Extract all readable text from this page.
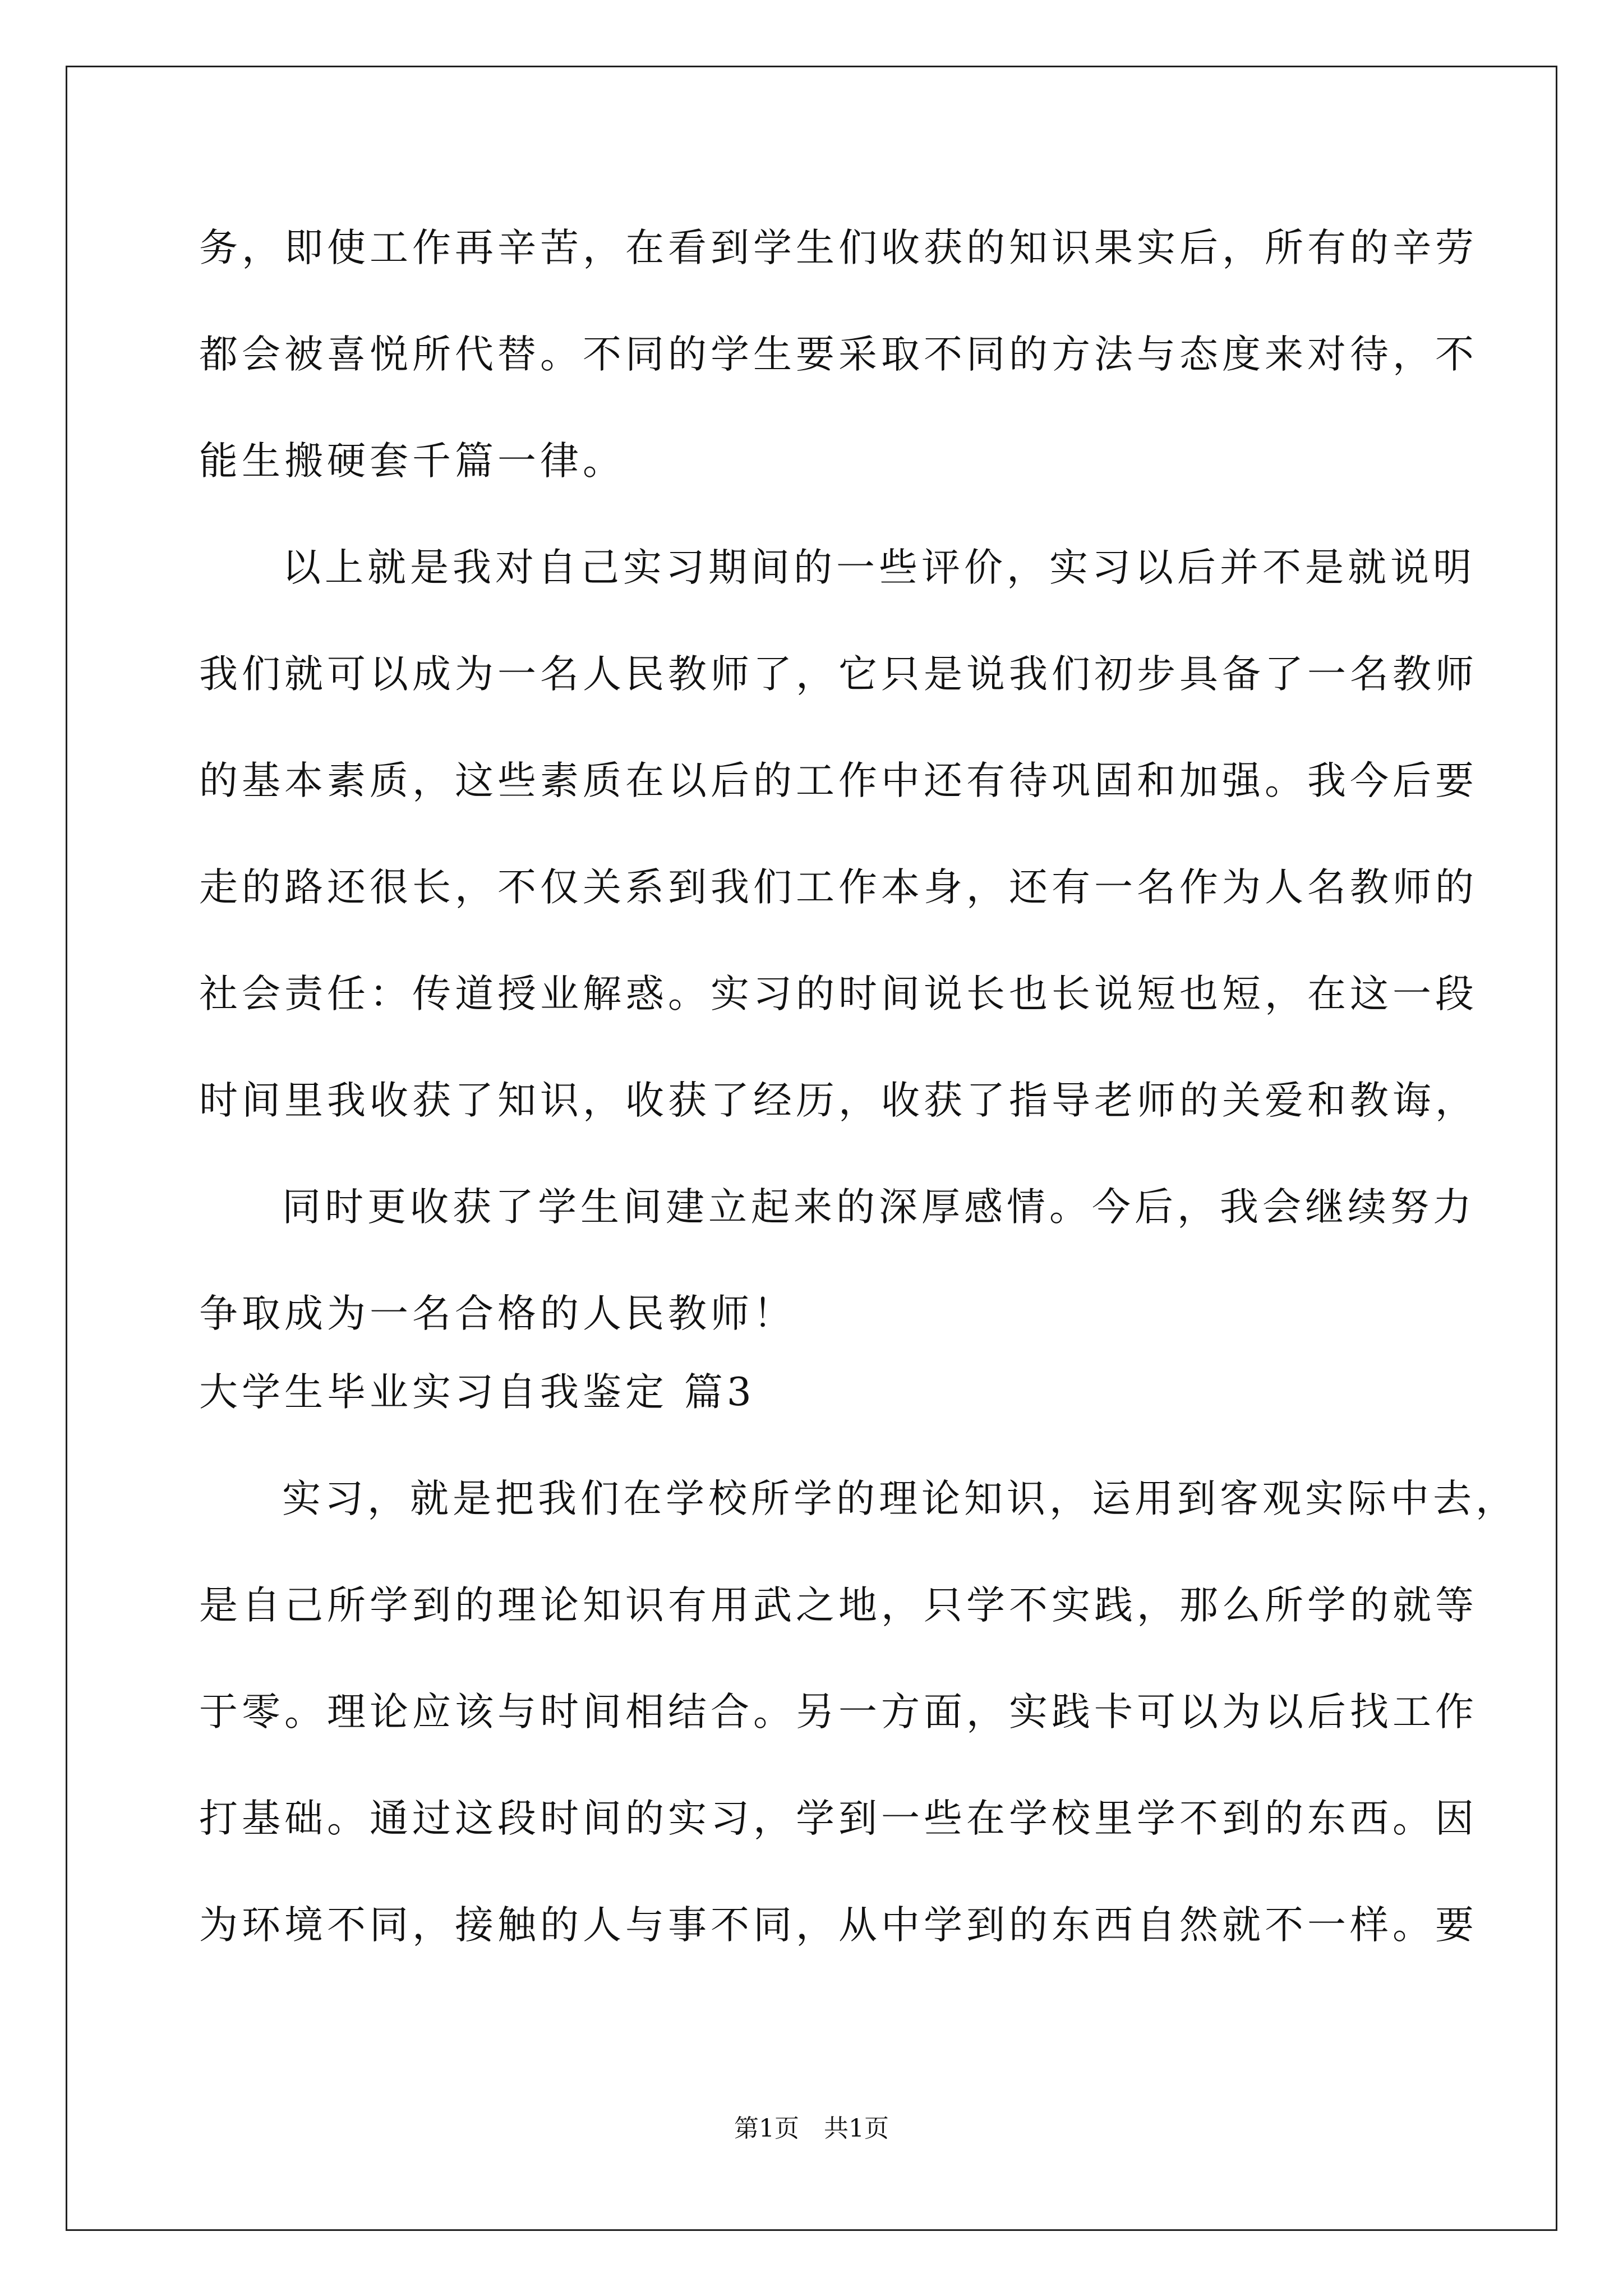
务，即使工作再辛苦，在看到学生们收获的知识果实后，所有的辛劳
都会被喜悦所代替。不同的学生要采取不同的方法与态度来对待，不
能生搬硬套千篇一律。
以上就是我对自己实习期间的一些评价，实习以后并不是就说明
我们就可以成为一名人民教师了，它只是说我们初步具备了一名教师
的基本素质，这些素质在以后的工作中还有待巩固和加强。我今后要
走的路还很长，不仅关系到我们工作本身，还有一名作为人名教师的
社会责任：传道授业解惑。实习的时间说长也长说短也短，在这一段
时间里我收获了知识，收获了经历，收获了指导老师的关爱和教诲，
同时更收获了学生间建立起来的深厚感情。今后，我会继续努力
争取成为一名合格的人民教师！
大学生毕业实习自我鉴定 篇3
实习，就是把我们在学校所学的理论知识，运用到客观实际中去，
是自己所学到的理论知识有用武之地，只学不实践，那么所学的就等
于零。理论应该与时间相结合。另一方面，实践卡可以为以后找工作
打基础。通过这段时间的实习，学到一些在学校里学不到的东西。因
为环境不同，接触的人与事不同，从中学到的东西自然就不一样。要
第1页 共1页
